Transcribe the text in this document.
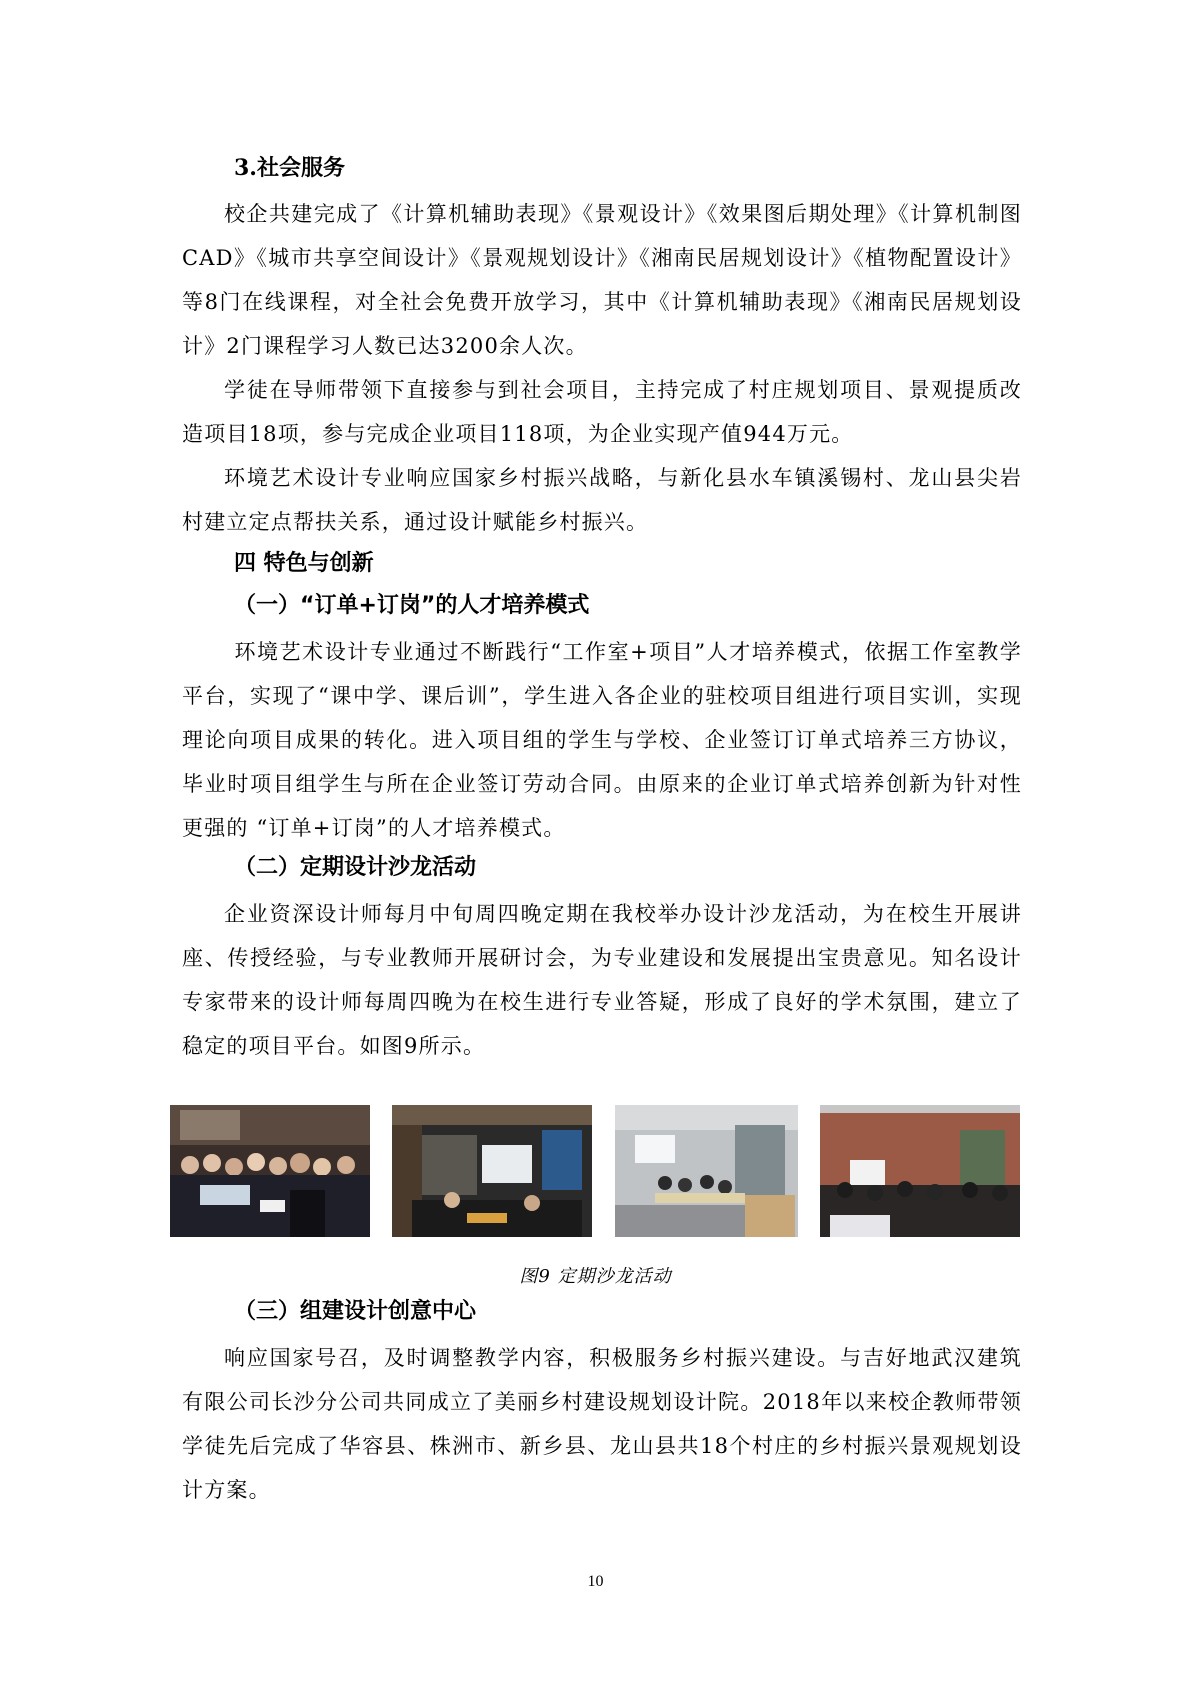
3.社会服务

校企共建完成了《计算机辅助表现》《景观设计》《效果图后期处理》《计算机制图CAD》《城市共享空间设计》《景观规划设计》《湘南民居规划设计》《植物配置设计》等8门在线课程，对全社会免费开放学习，其中《计算机辅助表现》《湘南民居规划设计》2门课程学习人数已达3200余人次。

学徒在导师带领下直接参与到社会项目，主持完成了村庄规划项目、景观提质改造项目18项，参与完成企业项目118项，为企业实现产值944万元。

环境艺术设计专业响应国家乡村振兴战略，与新化县水车镇溪锡村、龙山县尖岩村建立定点帮扶关系，通过设计赋能乡村振兴。

四 特色与创新
（一）“订单+订岗”的人才培养模式

环境艺术设计专业通过不断践行“工作室+项目”人才培养模式，依据工作室教学平台，实现了“课中学、课后训”，学生进入各企业的驻校项目组进行项目实训，实现理论向项目成果的转化。进入项目组的学生与学校、企业签订订单式培养三方协议，毕业时项目组学生与所在企业签订劳动合同。由原来的企业订单式培养创新为针对性更强的 “订单+订岗”的人才培养模式。

（二）定期设计沙龙活动

企业资深设计师每月中旬周四晚定期在我校举办设计沙龙活动，为在校生开展讲座、传授经验，与专业教师开展研讨会，为专业建设和发展提出宝贵意见。知名设计专家带来的设计师每周四晚为在校生进行专业答疑，形成了良好的学术氛围，建立了稳定的项目平台。如图9所示。

图9 定期沙龙活动
（三）组建设计创意中心

响应国家号召，及时调整教学内容，积极服务乡村振兴建设。与吉好地武汉建筑有限公司长沙分公司共同成立了美丽乡村建设规划设计院。2018年以来校企教师带领学徒先后完成了华容县、株洲市、新乡县、龙山县共18个村庄的乡村振兴景观规划设计方案。

10
